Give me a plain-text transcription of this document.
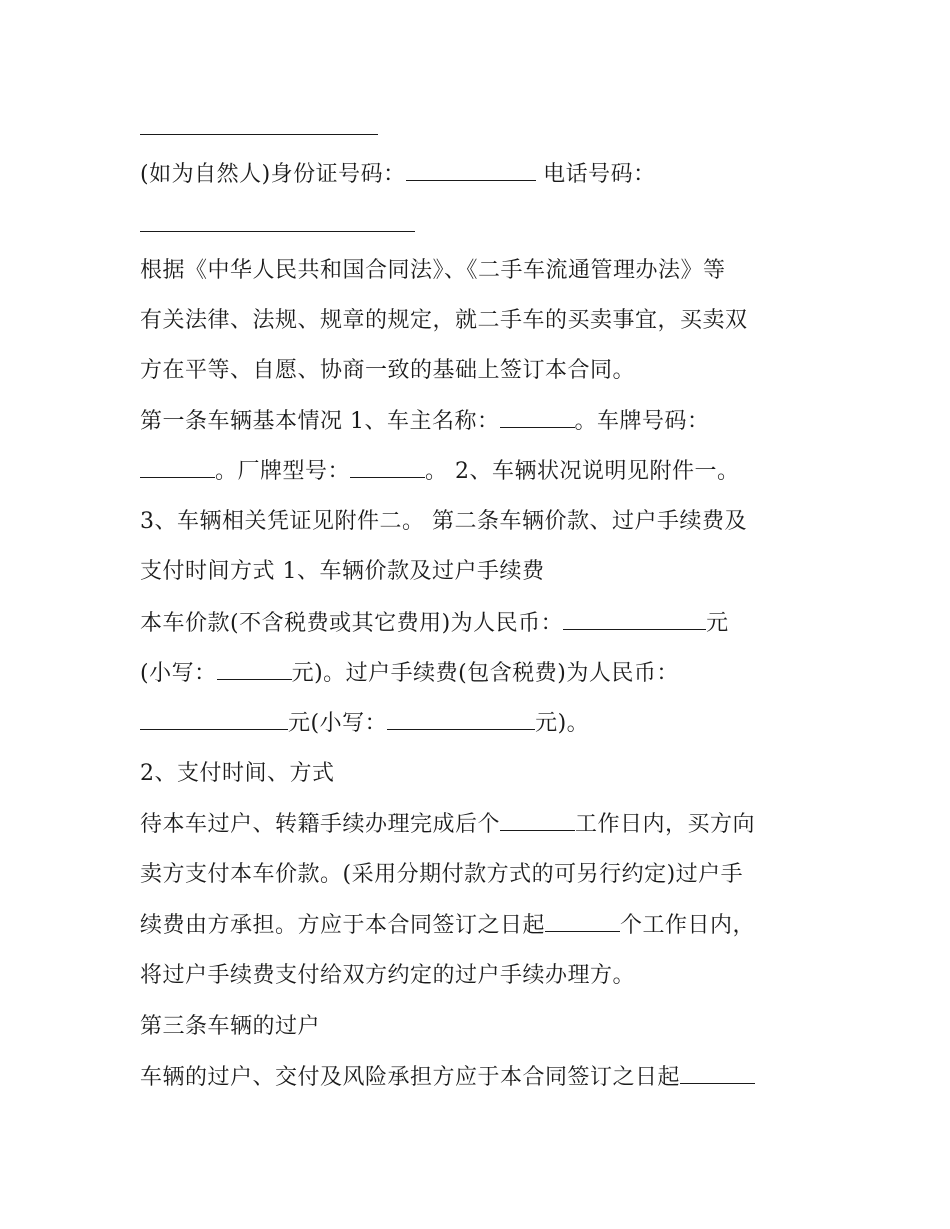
(如为自然人)身份证号码：	电话号码：
根据《中华人民共和国合同法》、《二手车流通管理办法》等
有关法律、法规、规章的规定，就二手车的买卖事宜，买卖双
方在平等、自愿、协商一致的基础上签订本合同。
第一条车辆基本情况 1、车主名称：	。车牌号码：
。厂牌型号：	。 2、车辆状况说明见附件一。
3、车辆相关凭证见附件二。 第二条车辆价款、过户手续费及
支付时间方式 1、车辆价款及过户手续费
本车价款(不含税费或其它费用)为人民币：	元
(小写：	元)。过户手续费(包含税费)为人民币：
元(小写：	元)。
2、支付时间、方式
待本车过户、转籍手续办理完成后个	工作日内，买方向
卖方支付本车价款。(采用分期付款方式的可另行约定)过户手
续费由方承担。方应于本合同签订之日起	个工作日内，
将过户手续费支付给双方约定的过户手续办理方。
第三条车辆的过户
车辆的过户、交付及风险承担方应于本合同签订之日起
